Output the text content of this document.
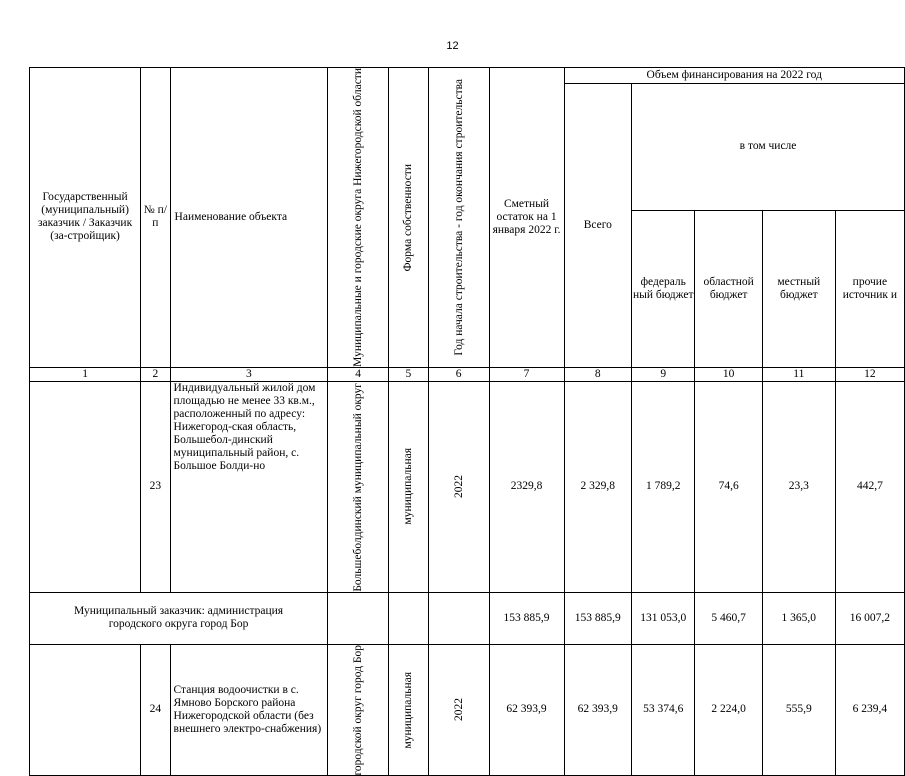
12
Государственный (муниципальный) заказчик / Заказчик (за-стройщик)	№ п/п	Наименование объекта	Муниципальные и городские округа Нижегородской области	Форма собственности	Год начала строительства - год окончания строительства	Сметный остаток на 1 января 2022 г.	Объем финансирования на 2022 год				
							Всего	в том числе			
								федераль ный бюджет	областной бюджет	местный бюджет	прочие источник и
1	2	3	4	5	6	7	8	9	10	11	12
	23	Индивидуальный жилой дом площадью не менее 33 кв.м., расположенный по адресу: Нижегород-ская область, Большебол-динский муниципальный район, с. Большое Болди-но	Большеболдинский муниципальный округ	муниципальная	2022	2329,8	2 329,8	1 789,2	74,6	23,3	442,7
Муниципальный заказчик: администрация городского округа город Бор						153 885,9	153 885,9	131 053,0	5 460,7	1 365,0	16 007,2
	24	Станция водоочистки в с. Ямново Борского района Нижегородской области (без внешнего электро-снабжения)	городской округ город Бор	муниципальная	2022	62 393,9	62 393,9	53 374,6	2 224,0	555,9	6 239,4
